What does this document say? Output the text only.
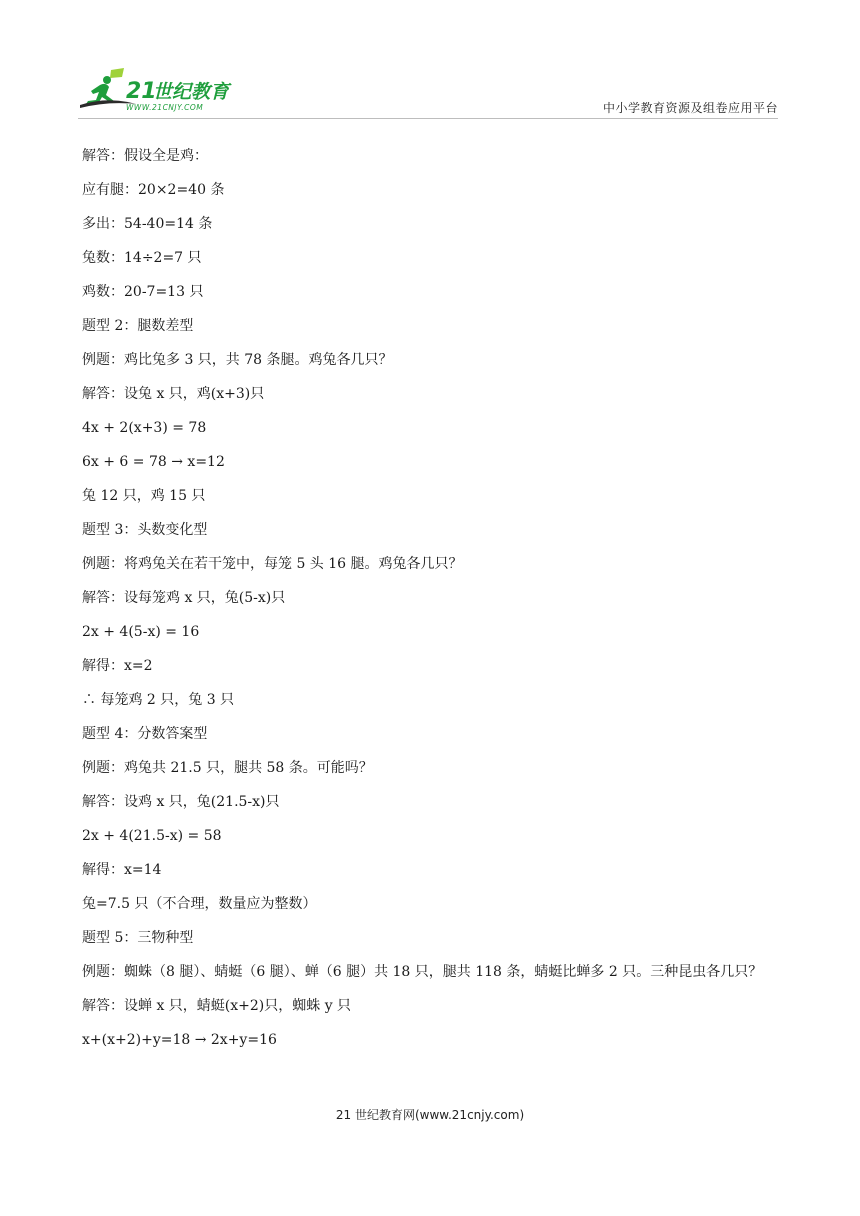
21
世纪教育
WWW.21CNJY.COM	中小学教育资源及组卷应用平台
解答：假设全是鸡：
应有腿：20×2=40 条
多出：54-40=14 条
兔数：14÷2=7 只
鸡数：20-7=13 只
题型 2：腿数差型
例题：鸡比兔多 3 只，共 78 条腿。鸡兔各几只？
解答：设兔 x 只，鸡(x+3)只
4x + 2(x+3) = 78
6x + 6 = 78 → x=12
兔 12 只，鸡 15 只
题型 3：头数变化型
例题：将鸡兔关在若干笼中，每笼 5 头 16 腿。鸡兔各几只？
解答：设每笼鸡 x 只，兔(5-x)只
2x + 4(5-x) = 16
解得：x=2
∴ 每笼鸡 2 只，兔 3 只
题型 4：分数答案型
例题：鸡兔共 21.5 只，腿共 58 条。可能吗？
解答：设鸡 x 只，兔(21.5-x)只
2x + 4(21.5-x) = 58
解得：x=14
兔=7.5 只（不合理，数量应为整数）
题型 5：三物种型
例题：蜘蛛（8 腿）、蜻蜓（6 腿）、蝉（6 腿）共 18 只，腿共 118 条，蜻蜓比蝉多 2 只。三种昆虫各几只？
解答：设蝉 x 只，蜻蜓(x+2)只，蜘蛛 y 只
x+(x+2)+y=18 → 2x+y=16
21 世纪教育网(www.21cnjy.com)
